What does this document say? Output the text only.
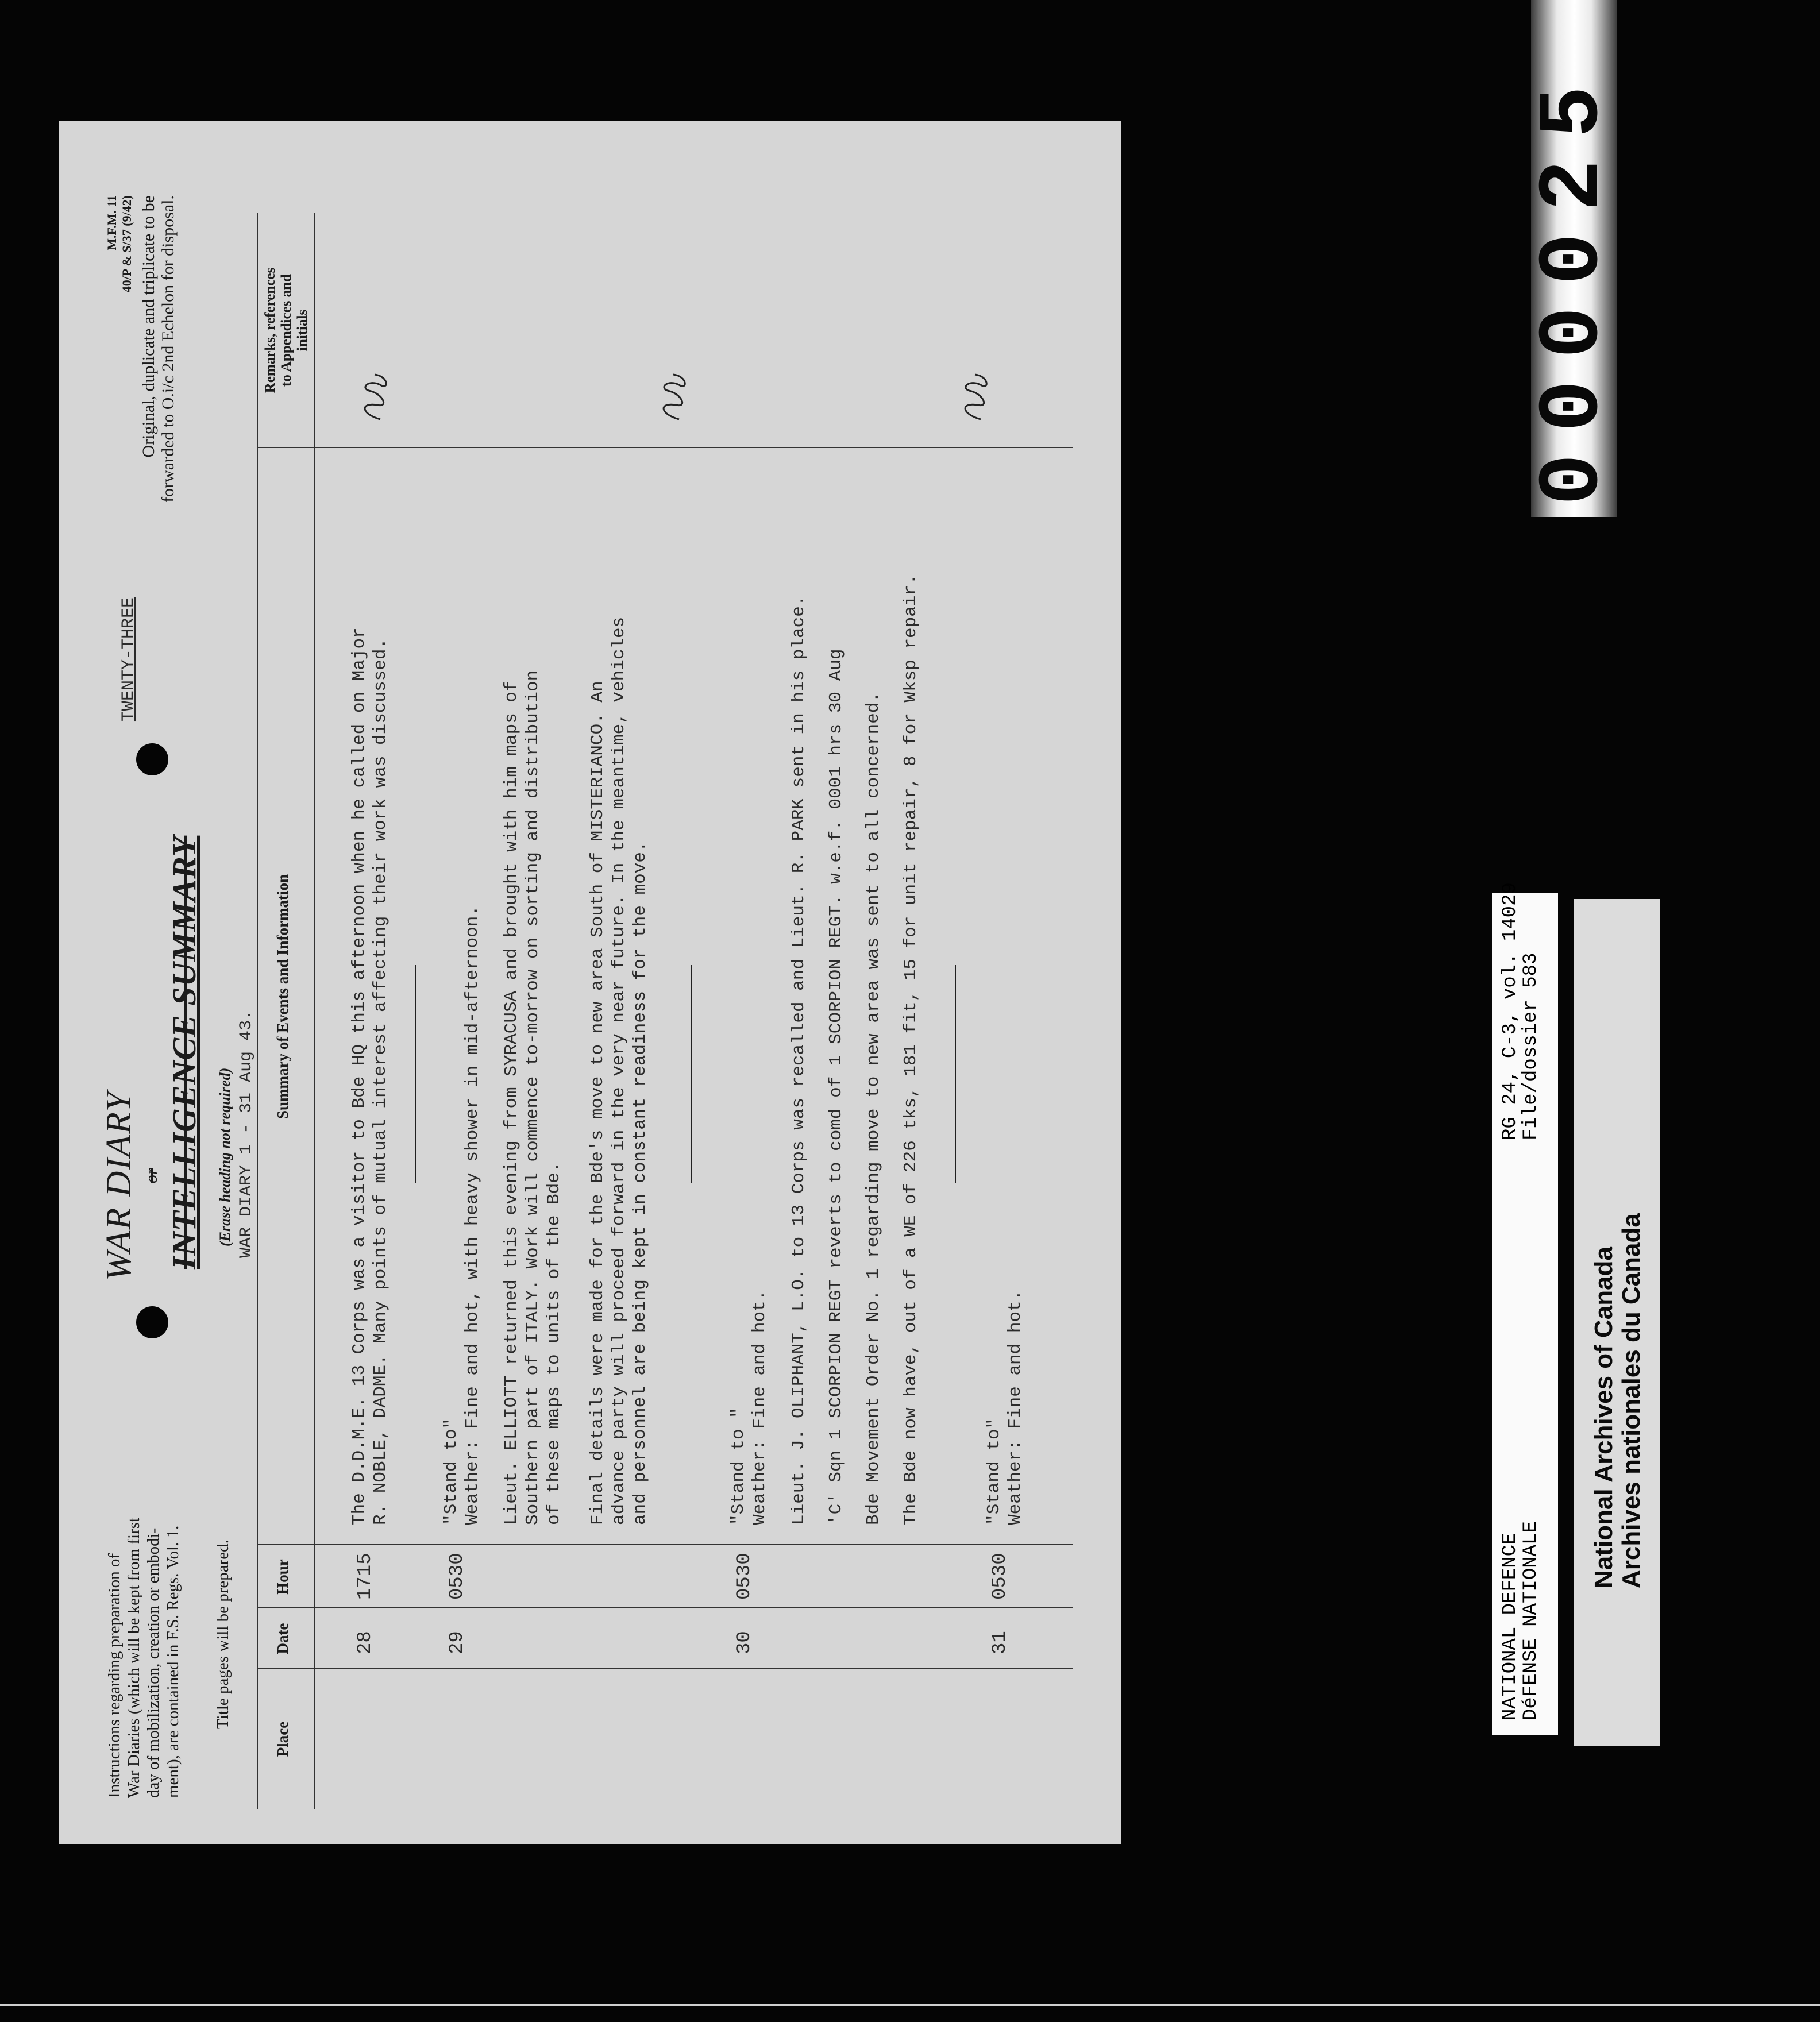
M.F.M. 11 40/P & S/37 (9/42) Original, duplicate and triplicate to be forwarded to O.i/c 2nd Echelon for disposal.
TWENTY-THREE
Instructions regarding preparation of War Diaries (which will be kept from first day of mobilization, creation or embodi- ment), are contained in F.S. Regs. Vol. 1. Title pages will be prepared.
WAR DIARY or INTELLIGENCE SUMMARY (Erase heading not required) WAR DIARY 1 - 31 Aug 43.
Place
Date
Hour
Summary of Events and Information
Remarks, references to Appendices and initials
28
1715
The D.D.M.E. 13 Corps was a visitor to Bde HQ this afternoon when he called on Major
R. NOBLE, DADME. Many points of mutual interest affecting their work was discussed.
29
0530
"Stand to"
Weather: Fine and hot, with heavy shower in mid-afternoon.
Lieut. ELLIOTT returned this evening from SYRACUSA and brought with him maps of
Southern part of ITALY. Work will commence to-morrow on sorting and distribution
of these maps to units of the Bde.
Final details were made for the Bde's move to new area South of MISTERIANCO. An
advance party will proceed forward in the very near future. In the meantime, vehicles
and personnel are being kept in constant readiness for the move.
30
0530
"Stand to "
Weather: Fine and hot. Lieut. J. OLIPHANT, L.O. to 13 Corps was recalled and Lieut. R. PARK sent in his place. 'C' Sqn 1 SCORPION REGT reverts to comd of 1 SCORPION REGT. w.e.f. 0001 hrs 30 Aug Bde Movement Order No. 1 regarding move to new area was sent to all concerned. The Bde now have, out of a WE of 226 tks, 181 fit, 15 for unit repair, 8 for Wksp repair.
31
0530
"Stand to"
Weather: Fine and hot.
000025
RG 24, C-3, vol. 14029
File/dossier 583
NATIONAL DEFENCE
DéFENSE NATIONALE
National Archives of Canada
Archives nationales du Canada
